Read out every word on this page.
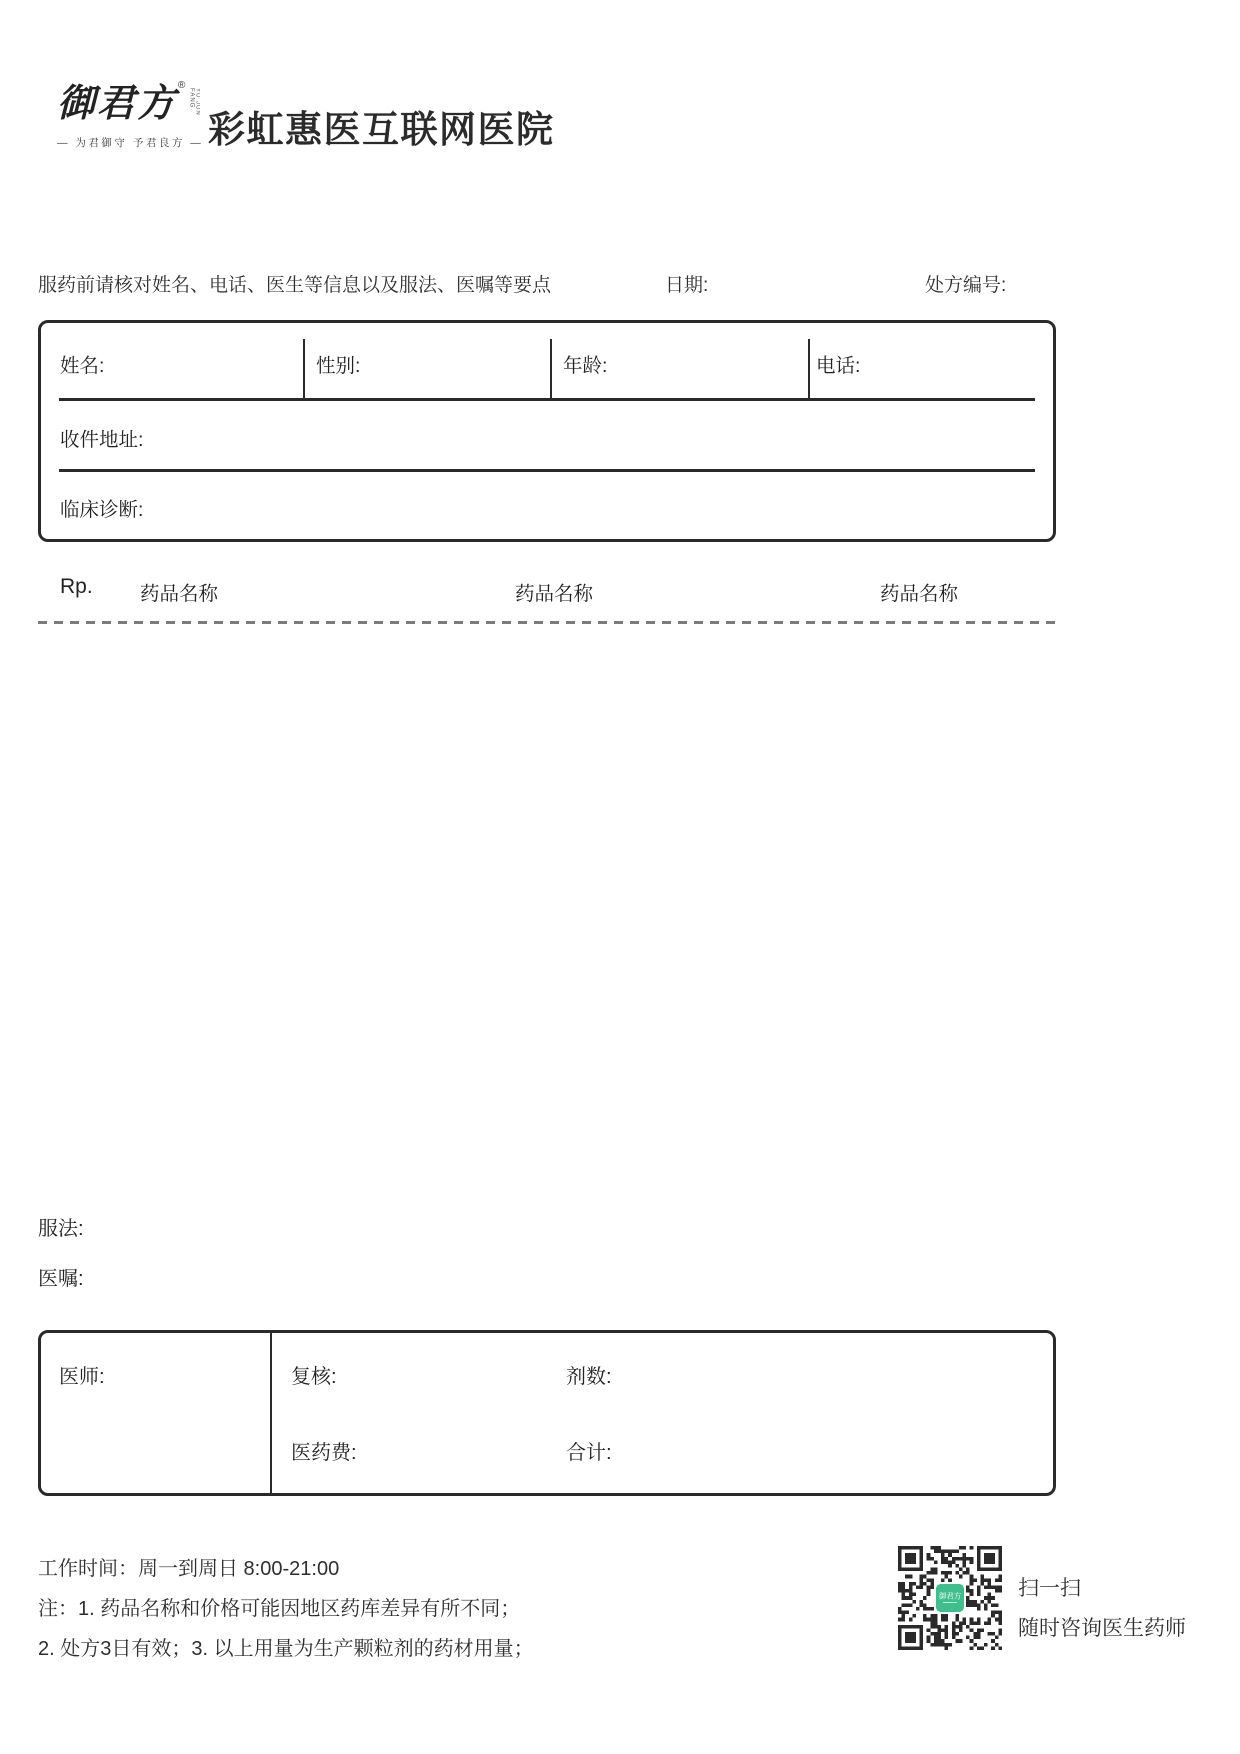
御君方 ®
YU JUN FANG
— 为君御守 予君良方 — 彩虹惠医互联网医院
服药前请核对姓名、电话、医生等信息以及服法、医嘱等要点	日期:	处方编号:
姓名:	性别:	年龄:	电话:
收件地址:
临床诊断:
Rp. 药品名称	药品名称	药品名称
服法:
医嘱:
医师:	复核:	剂数:
医药费:	合计:
工作时间：周一到周日 8:00-21:00
注：1. 药品名称和价格可能因地区药库差异有所不同；
2. 处方3日有效；3. 以上用量为生产颗粒剂的药材用量；
御君方	扫一扫
随时咨询医生药师
